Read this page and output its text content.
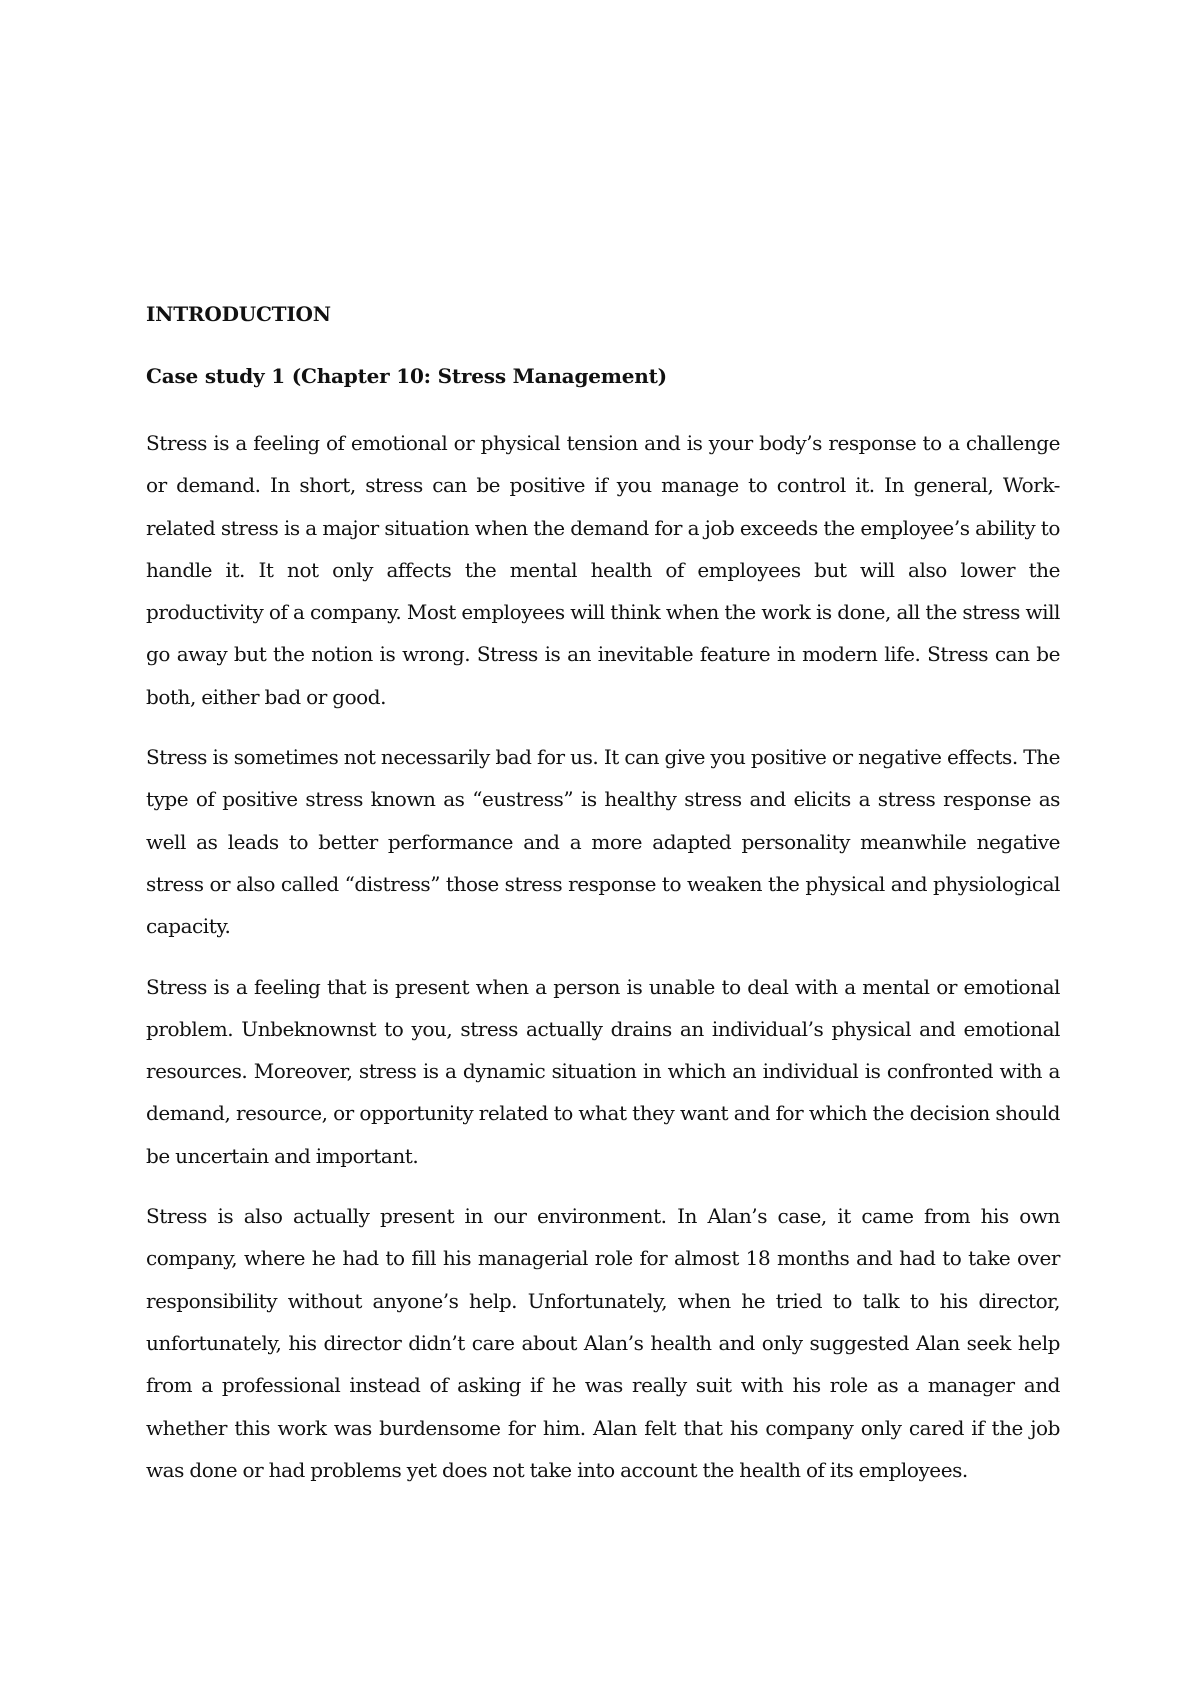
INTRODUCTION
Case study 1 (Chapter 10: Stress Management)

Stress is a feeling of emotional or physical tension and is your body’s response to a challenge or demand. In short, stress can be positive if you manage to control it. In general, Work-related stress is a major situation when the demand for a job exceeds the employee’s ability to handle it. It not only affects the mental health of employees but will also lower the productivity of a company. Most employees will think when the work is done, all the stress will go away but the notion is wrong. Stress is an inevitable feature in modern life. Stress can be both, either bad or good.

Stress is sometimes not necessarily bad for us. It can give you positive or negative effects. The type of positive stress known as “eustress” is healthy stress and elicits a stress response as well as leads to better performance and a more adapted personality meanwhile negative stress or also called “distress” those stress response to weaken the physical and physiological capacity.

Stress is a feeling that is present when a person is unable to deal with a mental or emotional problem. Unbeknownst to you, stress actually drains an individual’s physical and emotional resources. Moreover, stress is a dynamic situation in which an individual is confronted with a demand, resource, or opportunity related to what they want and for which the decision should be uncertain and important.

Stress is also actually present in our environment. In Alan’s case, it came from his own company, where he had to fill his managerial role for almost 18 months and had to take over responsibility without anyone’s help. Unfortunately, when he tried to talk to his director, unfortunately, his director didn’t care about Alan’s health and only suggested Alan seek help from a professional instead of asking if he was really suit with his role as a manager and whether this work was burdensome for him. Alan felt that his company only cared if the job was done or had problems yet does not take into account the health of its employees.
